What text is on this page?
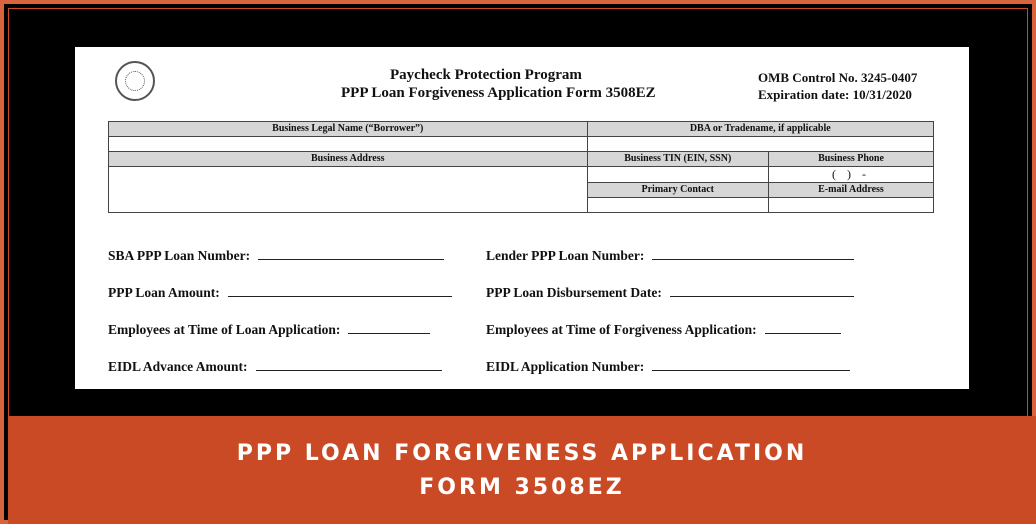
Paycheck Protection Program
PPP Loan Forgiveness Application Form 3508EZ
OMB Control No. 3245-0407
Expiration date: 10/31/2020
Business Legal Name (“Borrower”)	DBA or Tradename, if applicable	

Business Address	Business TIN (EIN, SSN)	Business Phone
		( ) -
	Primary Contact	E-mail Address

SBA PPP Loan Number:	Lender PPP Loan Number:
PPP Loan Amount:	PPP Loan Disbursement Date:
Employees at Time of Loan Application:	Employees at Time of Forgiveness Application:
EIDL Advance Amount:	EIDL Application Number:
PPP LOAN FORGIVENESS APPLICATION
FORM 3508EZ
